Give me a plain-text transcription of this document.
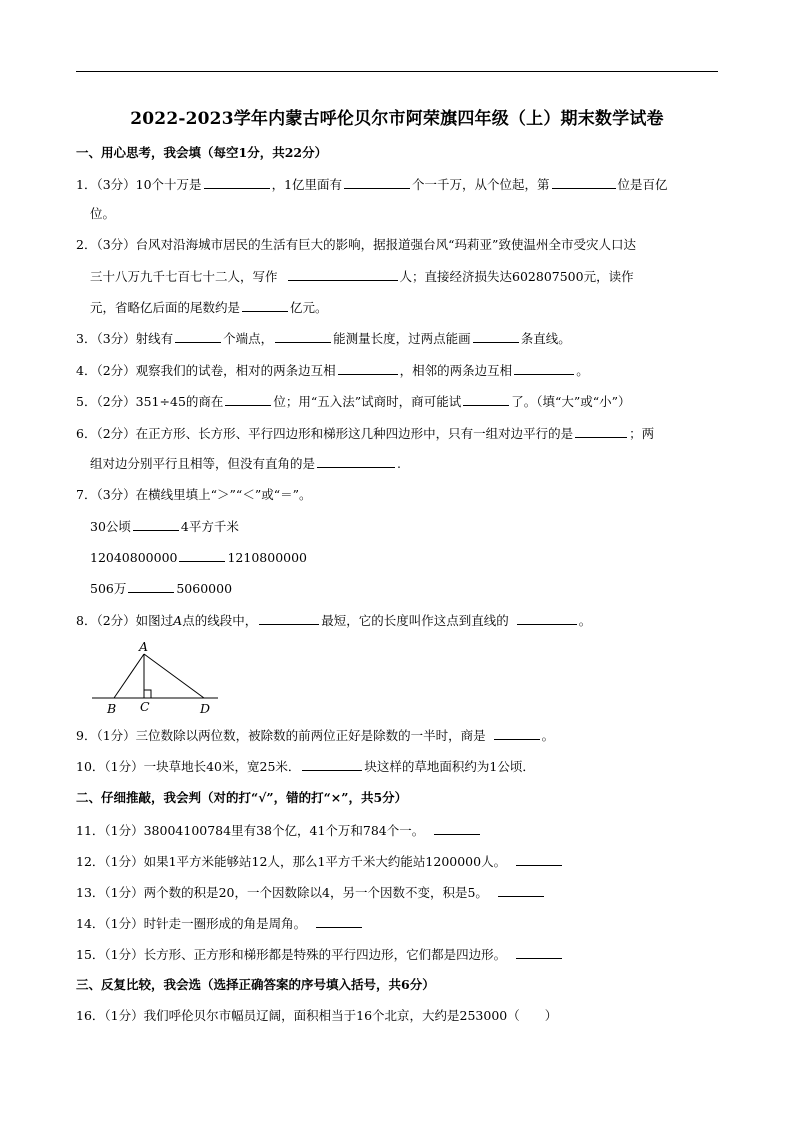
2022-2023学年内蒙古呼伦贝尔市阿荣旗四年级（上）期末数学试卷
一、用心思考，我会填（每空1分，共22分）
1．（3分）10个十万是	，1亿里面有	个一千万，从个位起，第	位是百亿
位。
2．（3分）台风对沿海城市居民的生活有巨大的影响，据报道强台风“玛莉亚”致使温州全市受灾人口达
三十八万九千七百七十二人，写作	人；直接经济损失达602807500元，读作
元，省略亿后面的尾数约是	亿元。
3．（3分）射线有	个端点，	能测量长度，过两点能画	条直线。
4．（2分）观察我们的试卷，相对的两条边互相	，相邻的两条边互相	。
5．（2分）351÷45的商在	位；用“五入法”试商时，商可能试	了。（填“大”或“小”）
6．（2分）在正方形、长方形、平行四边形和梯形这几种四边形中，只有一组对边平行的是	；两
组对边分别平行且相等，但没有直角的是	.
7．（3分）在横线里填上“＞”“＜”或“＝”。
30公顷	4平方千米
12040800000	1210800000
506万	5060000
8．（2分）如图过A点的线段中，	最短，它的长度叫作这点到直线的	。
A
B C	D
9．（1分）三位数除以两位数，被除数的前两位正好是除数的一半时，商是	。
10．（1分）一块草地长40米，宽25米．	块这样的草地面积约为1公顷．
二、仔细推敲，我会判（对的打“√”，错的打“×”，共5分）
11．（1分）38004100784里有38个亿，41个万和784个一。
12．（1分）如果1平方米能够站12人，那么1平方千米大约能站1200000人。
13．（1分）两个数的积是20，一个因数除以4，另一个因数不变，积是5。
14．（1分）时针走一圈形成的角是周角。
15．（1分）长方形、正方形和梯形都是特殊的平行四边形，它们都是四边形。
三、反复比较，我会选（选择正确答案的序号填入括号，共6分）
16．（1分）我们呼伦贝尔市幅员辽阔，面积相当于16个北京，大约是253000（　　）
